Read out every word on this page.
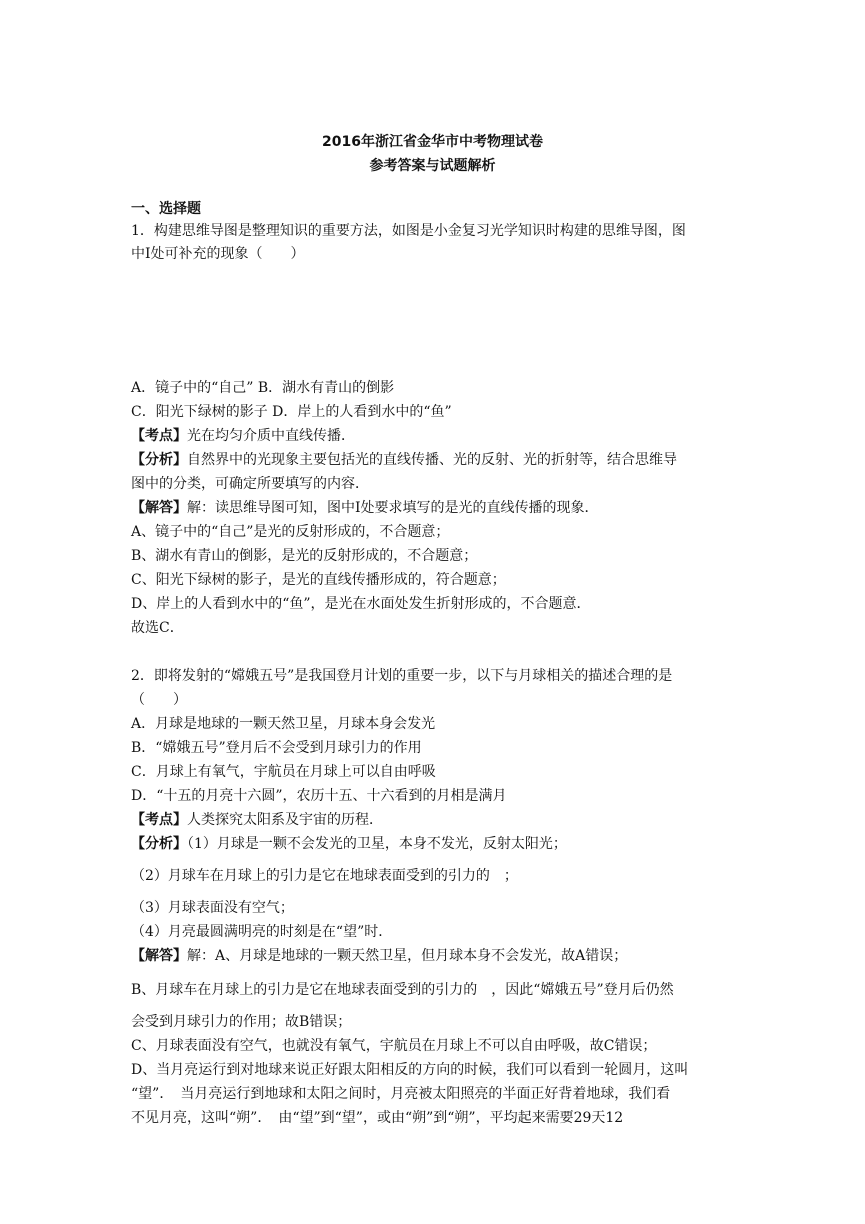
2016年浙江省金华市中考物理试卷
参考答案与试题解析
一、选择题
1．构建思维导图是整理知识的重要方法，如图是小金复习光学知识时构建的思维导图，图
中Ⅰ处可补充的现象（　　）
A．镜子中的“自己” B．湖水有青山的倒影
C．阳光下绿树的影子 D．岸上的人看到水中的“鱼”
【考点】光在均匀介质中直线传播．
【分析】自然界中的光现象主要包括光的直线传播、光的反射、光的折射等，结合思维导
图中的分类，可确定所要填写的内容．
【解答】解：读思维导图可知，图中Ⅰ处要求填写的是光的直线传播的现象．
A、镜子中的“自己”是光的反射形成的，不合题意；
B、湖水有青山的倒影，是光的反射形成的，不合题意；
C、阳光下绿树的影子，是光的直线传播形成的，符合题意；
D、岸上的人看到水中的“鱼”，是光在水面处发生折射形成的，不合题意．
故选C．
2．即将发射的“嫦娥五号”是我国登月计划的重要一步，以下与月球相关的描述合理的是
（　　）
A．月球是地球的一颗天然卫星，月球本身会发光
B．“嫦娥五号”登月后不会受到月球引力的作用
C．月球上有氧气，宇航员在月球上可以自由呼吸
D．“十五的月亮十六圆”，农历十五、十六看到的月相是满月
【考点】人类探究太阳系及宇宙的历程．
【分析】（1）月球是一颗不会发光的卫星，本身不发光，反射太阳光；
（2）月球车在月球上的引力是它在地球表面受到的引力的　；
（3）月球表面没有空气；
（4）月亮最圆满明亮的时刻是在“望”时．
【解答】解：A、月球是地球的一颗天然卫星，但月球本身不会发光，故A错误；
B、月球车在月球上的引力是它在地球表面受到的引力的　，因此“嫦娥五号”登月后仍然
会受到月球引力的作用；故B错误；
C、月球表面没有空气，也就没有氧气，宇航员在月球上不可以自由呼吸，故C错误；
D、当月亮运行到对地球来说正好跟太阳相反的方向的时候，我们可以看到一轮圆月，这叫
“望”．　当月亮运行到地球和太阳之间时，月亮被太阳照亮的半面正好背着地球，我们看
不见月亮，这叫“朔”．　由“望”到“望”，或由“朔”到“朔”，平均起来需要29天12
